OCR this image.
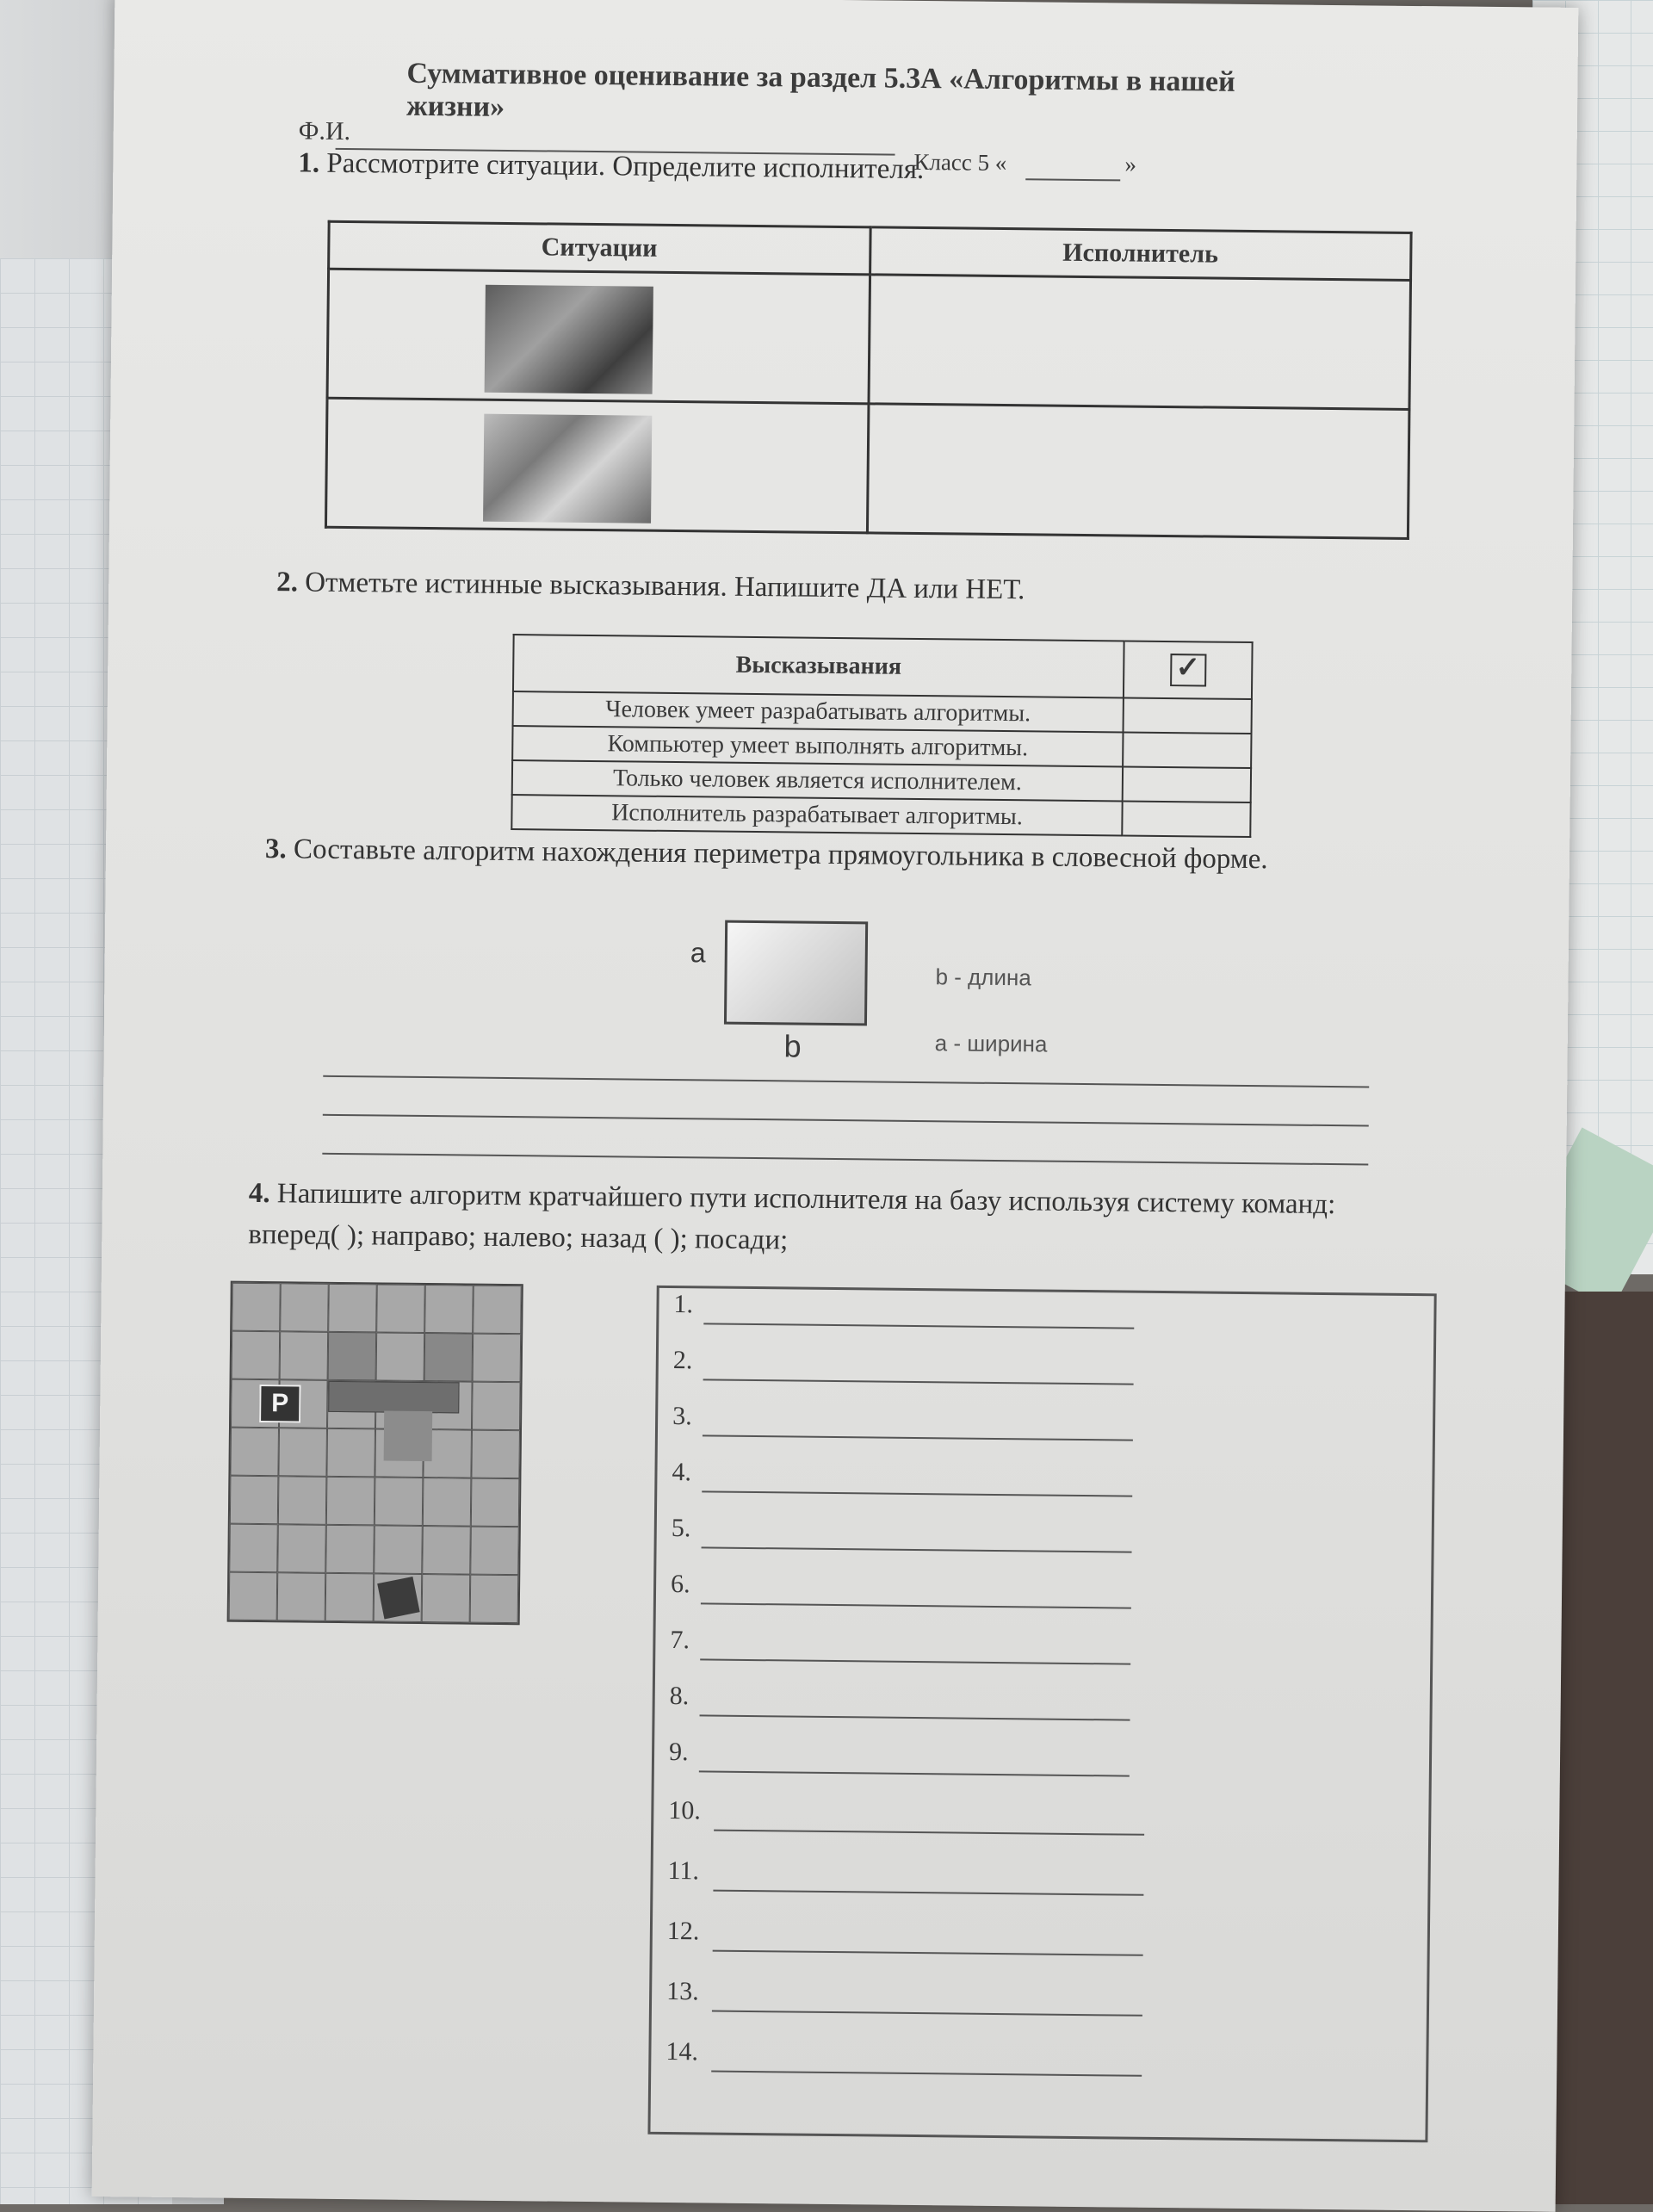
Суммативное оценивание за раздел 5.3А «Алгоритмы в нашей жизни»
Ф.И.
Класс 5 «	»
1. Рассмотрите ситуации. Определите исполнителя.
Ситуации	Исполнитель

2. Отметьте истинные высказывания. Напишите ДА или НЕТ.
Высказывания	✓
Человек умеет разрабатывать алгоритмы.	
Компьютер умеет выполнять алгоритмы.	
Только человек является исполнителем.	
Исполнитель разрабатывает алгоритмы.	
3. Составьте алгоритм нахождения периметра прямоугольника в словесной форме.
a
b
b - длина
a - ширина
4. Напишите алгоритм кратчайшего пути исполнителя на базу используя систему команд:
вперед( ); направо; налево; назад ( ); посади;
P
1.
2.
3.
4.
5.
6.
7.
8.
9.
10.
11.
12.
13.
14.
